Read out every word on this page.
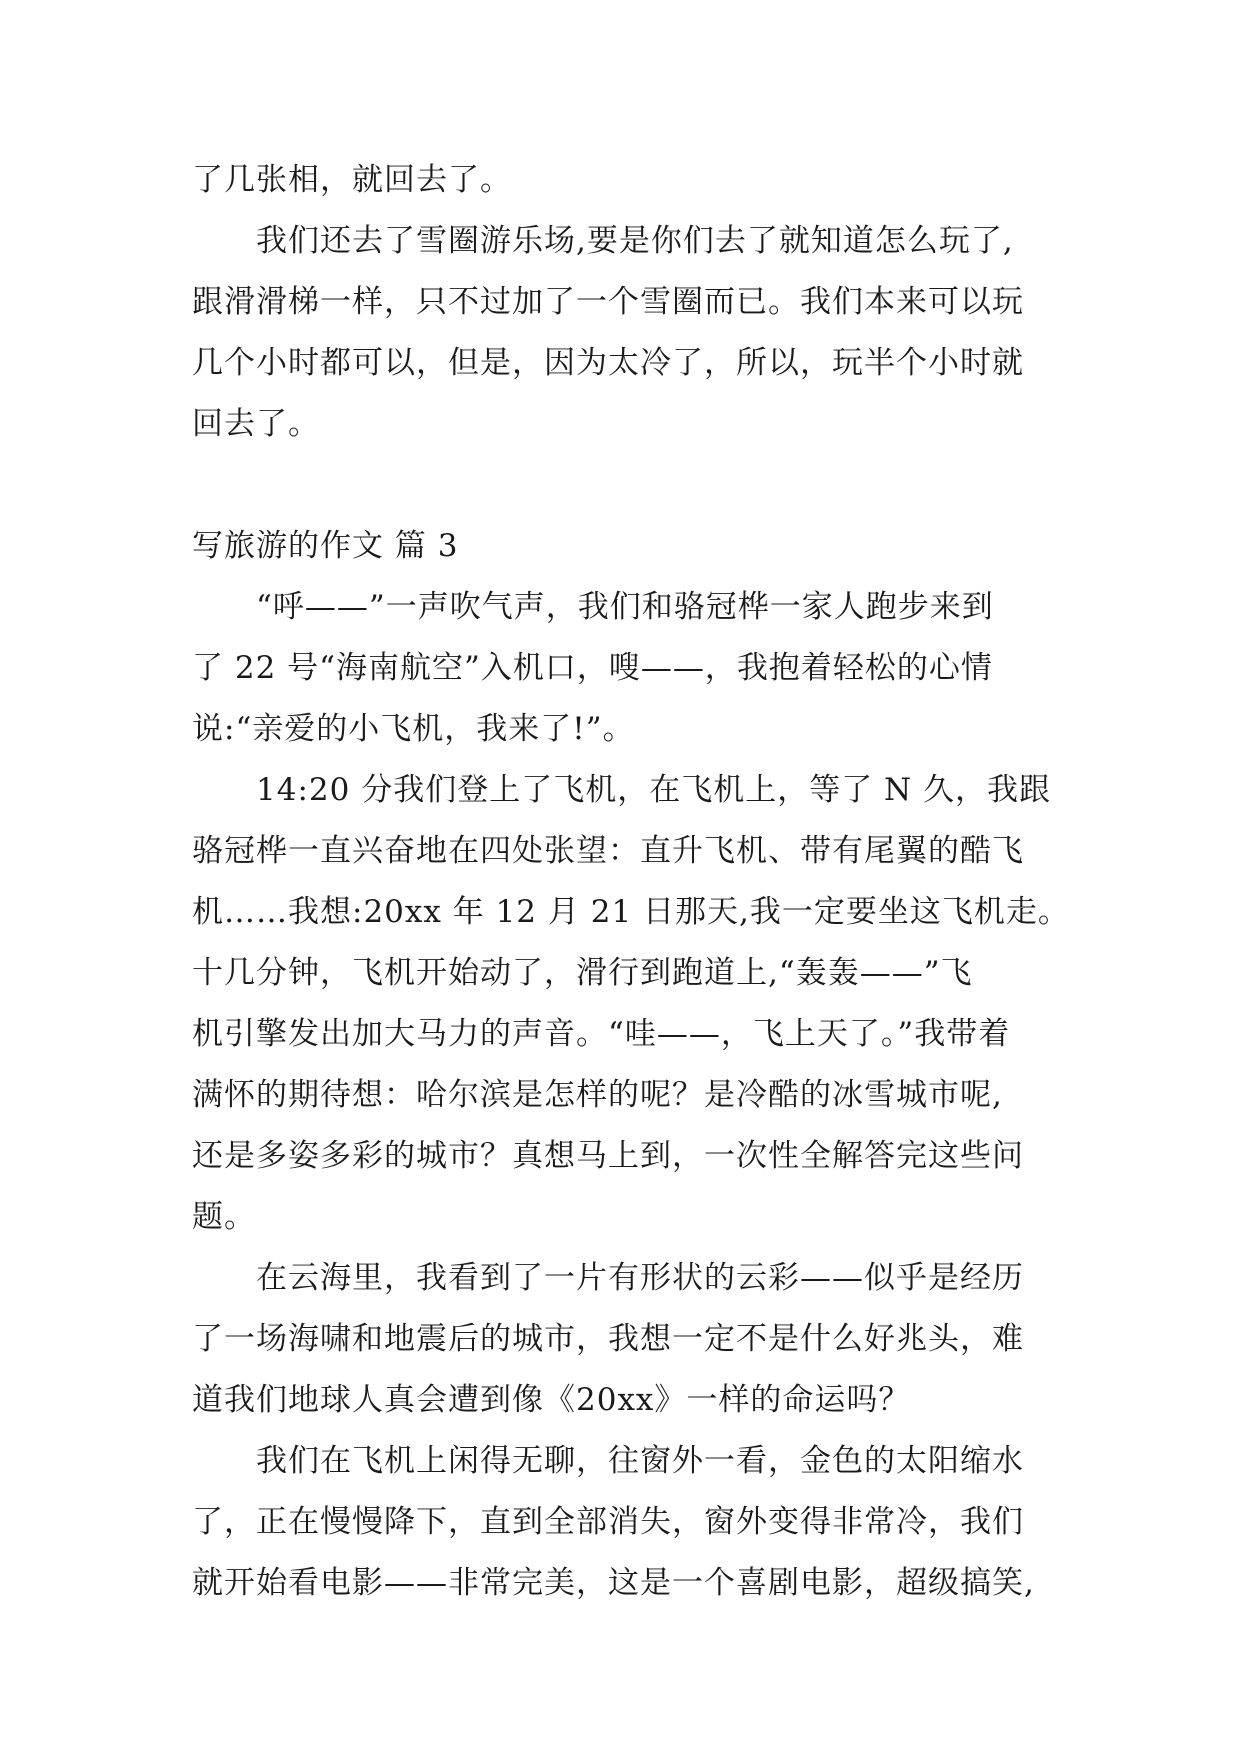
了几张相，就回去了。
我们还去了雪圈游乐场,要是你们去了就知道怎么玩了,
跟滑滑梯一样，只不过加了一个雪圈而已。我们本来可以玩
几个小时都可以，但是，因为太冷了，所以，玩半个小时就
回去了。
写旅游的作文 篇 3
“呼——”一声吹气声，我们和骆冠桦一家人跑步来到
了 22 号“海南航空”入机口，嗖——，我抱着轻松的心情
说:“亲爱的小飞机，我来了!”。
14:20 分我们登上了飞机，在飞机上，等了 N 久，我跟
骆冠桦一直兴奋地在四处张望：直升飞机、带有尾翼的酷飞
机……我想:20xx 年 12 月 21 日那天,我一定要坐这飞机走。
十几分钟，飞机开始动了，滑行到跑道上,“轰轰——”飞
机引擎发出加大马力的声音。“哇——，飞上天了。”我带着
满怀的期待想：哈尔滨是怎样的呢？是冷酷的冰雪城市呢,
还是多姿多彩的城市？真想马上到，一次性全解答完这些问
题。
在云海里，我看到了一片有形状的云彩——似乎是经历
了一场海啸和地震后的城市，我想一定不是什么好兆头，难
道我们地球人真会遭到像《20xx》一样的命运吗？
我们在飞机上闲得无聊，往窗外一看，金色的太阳缩水
了，正在慢慢降下，直到全部消失，窗外变得非常冷，我们
就开始看电影——非常完美，这是一个喜剧电影，超级搞笑,
